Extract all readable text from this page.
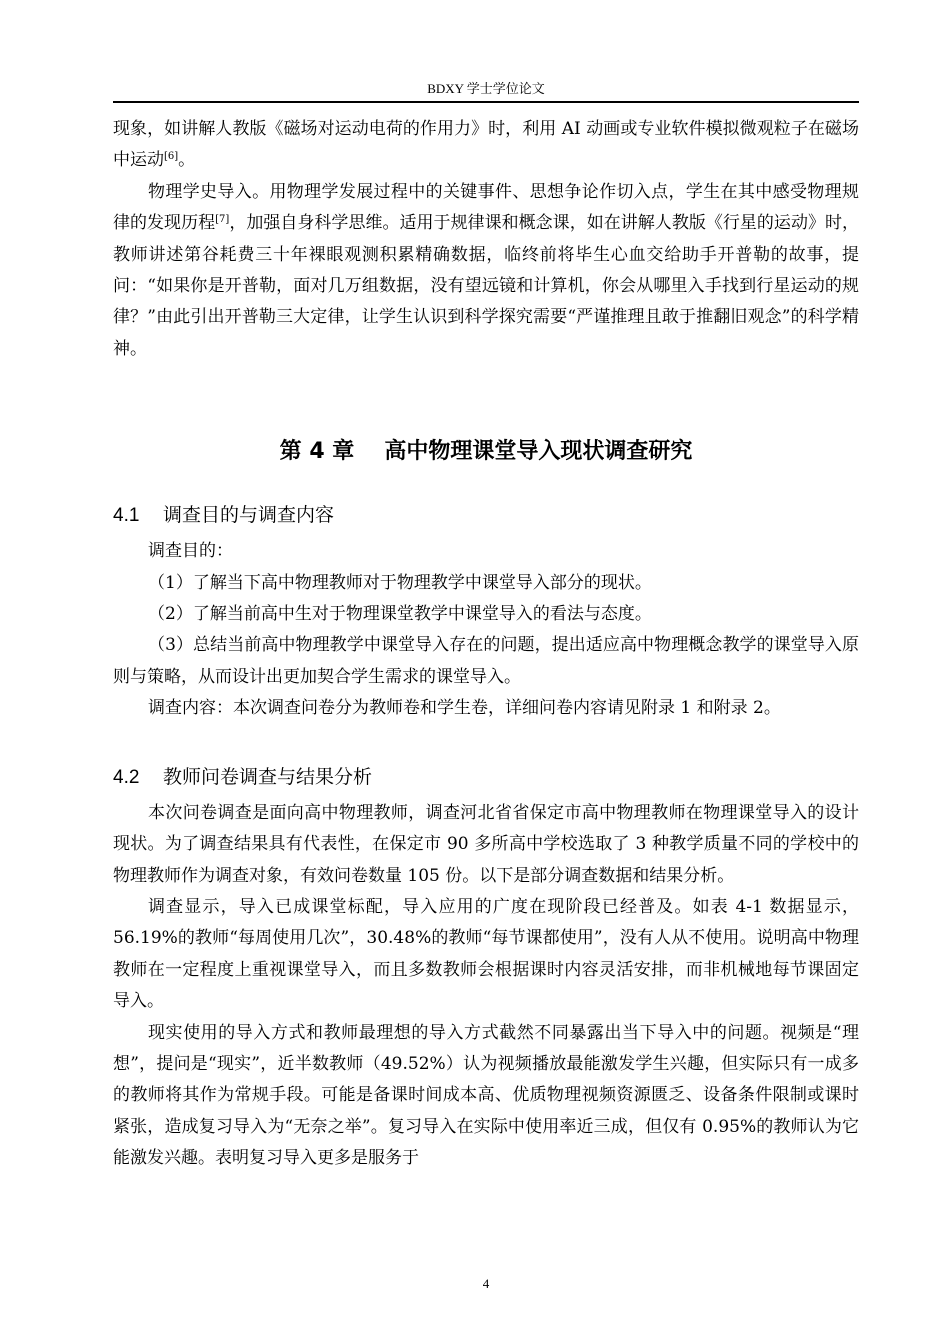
BDXY 学士学位论文

现象，如讲解人教版《磁场对运动电荷的作用力》时，利用 AI 动画或专业软件模拟微观粒子在磁场中运动[6]。

物理学史导入。用物理学发展过程中的关键事件、思想争论作切入点，学生在其中感受物理规律的发现历程[7]，加强自身科学思维。适用于规律课和概念课，如在讲解人教版《行星的运动》时，教师讲述第谷耗费三十年裸眼观测积累精确数据，临终前将毕生心血交给助手开普勒的故事，提问：“如果你是开普勒，面对几万组数据，没有望远镜和计算机，你会从哪里入手找到行星运动的规律？”由此引出开普勒三大定律，让学生认识到科学探究需要“严谨推理且敢于推翻旧观念”的科学精神。

第 4 章 高中物理课堂导入现状调查研究
4.1 调查目的与调查内容

调查目的：

（1）了解当下高中物理教师对于物理教学中课堂导入部分的现状。

（2）了解当前高中生对于物理课堂教学中课堂导入的看法与态度。

（3）总结当前高中物理教学中课堂导入存在的问题，提出适应高中物理概念教学的课堂导入原则与策略，从而设计出更加契合学生需求的课堂导入。

调查内容：本次调查问卷分为教师卷和学生卷，详细问卷内容请见附录 1 和附录 2。

4.2 教师问卷调查与结果分析

本次问卷调查是面向高中物理教师，调查河北省省保定市高中物理教师在物理课堂导入的设计现状。为了调查结果具有代表性，在保定市 90 多所高中学校选取了 3 种教学质量不同的学校中的物理教师作为调查对象，有效问卷数量 105 份。以下是部分调查数据和结果分析。

调查显示，导入已成课堂标配，导入应用的广度在现阶段已经普及。如表 4-1 数据显示，56.19%的教师“每周使用几次”，30.48%的教师“每节课都使用”，没有人从不使用。说明高中物理教师在一定程度上重视课堂导入，而且多数教师会根据课时内容灵活安排，而非机械地每节课固定导入。

现实使用的导入方式和教师最理想的导入方式截然不同暴露出当下导入中的问题。视频是“理想”，提问是“现实”，近半数教师（49.52%）认为视频播放最能激发学生兴趣，但实际只有一成多的教师将其作为常规手段。可能是备课时间成本高、优质物理视频资源匮乏、设备条件限制或课时紧张，造成复习导入为“无奈之举”。复习导入在实际中使用率近三成，但仅有 0.95%的教师认为它能激发兴趣。表明复习导入更多是服务于

4
